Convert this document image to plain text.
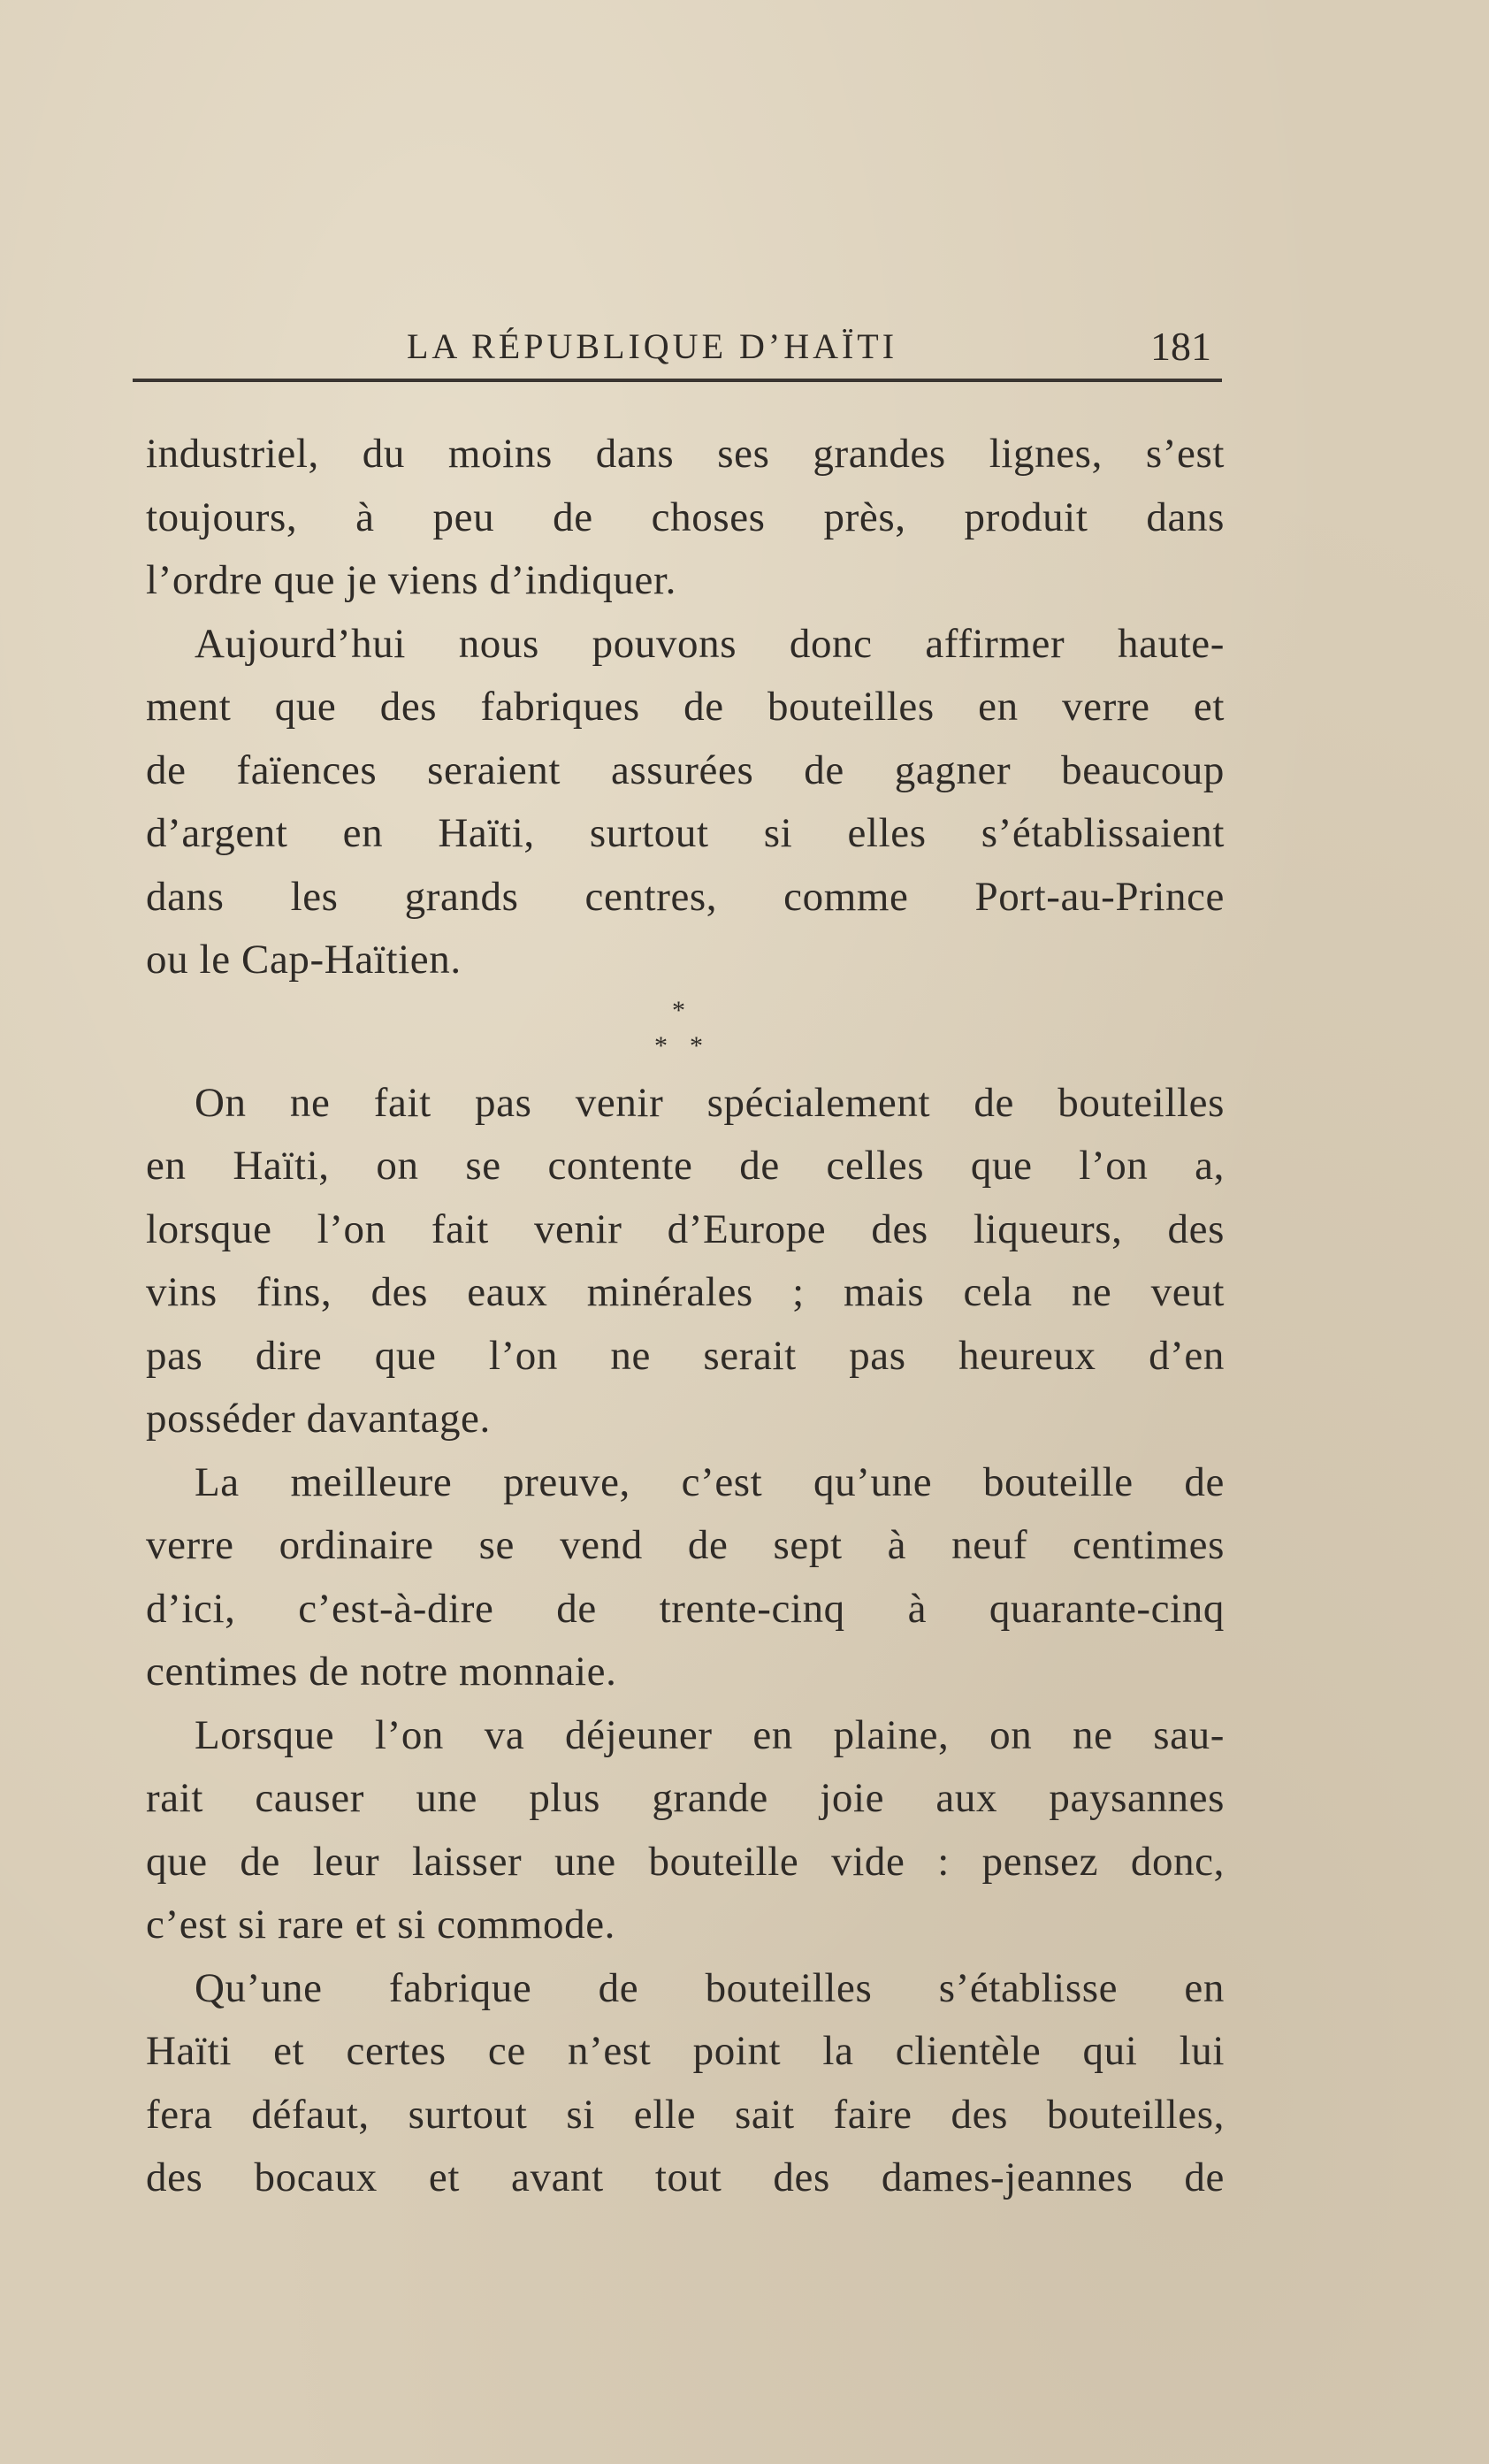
LA RÉPUBLIQUE D’HAÏTI	181
industriel, du moins dans ses grandes lignes, s’est
toujours, à peu de choses près, produit dans
l’ordre que je viens d’indiquer.
Aujourd’hui nous pouvons donc affirmer haute-
ment que des fabriques de bouteilles en verre et
de faïences seraient assurées de gagner beaucoup
d’argent en Haïti, surtout si elles s’établissaient
dans les grands centres, comme Port-au-Prince
ou le Cap-Haïtien.
*
* *
On ne fait pas venir spécialement de bouteilles
en Haïti, on se contente de celles que l’on a,
lorsque l’on fait venir d’Europe des liqueurs, des
vins fins, des eaux minérales ; mais cela ne veut
pas dire que l’on ne serait pas heureux d’en
posséder davantage.
La meilleure preuve, c’est qu’une bouteille de
verre ordinaire se vend de sept à neuf centimes
d’ici, c’est-à-dire de trente-cinq à quarante-cinq
centimes de notre monnaie.
Lorsque l’on va déjeuner en plaine, on ne sau-
rait causer une plus grande joie aux paysannes
que de leur laisser une bouteille vide : pensez donc,
c’est si rare et si commode.
Qu’une fabrique de bouteilles s’établisse en
Haïti et certes ce n’est point la clientèle qui lui
fera défaut, surtout si elle sait faire des bouteilles,
des bocaux et avant tout des dames-jeannes de
